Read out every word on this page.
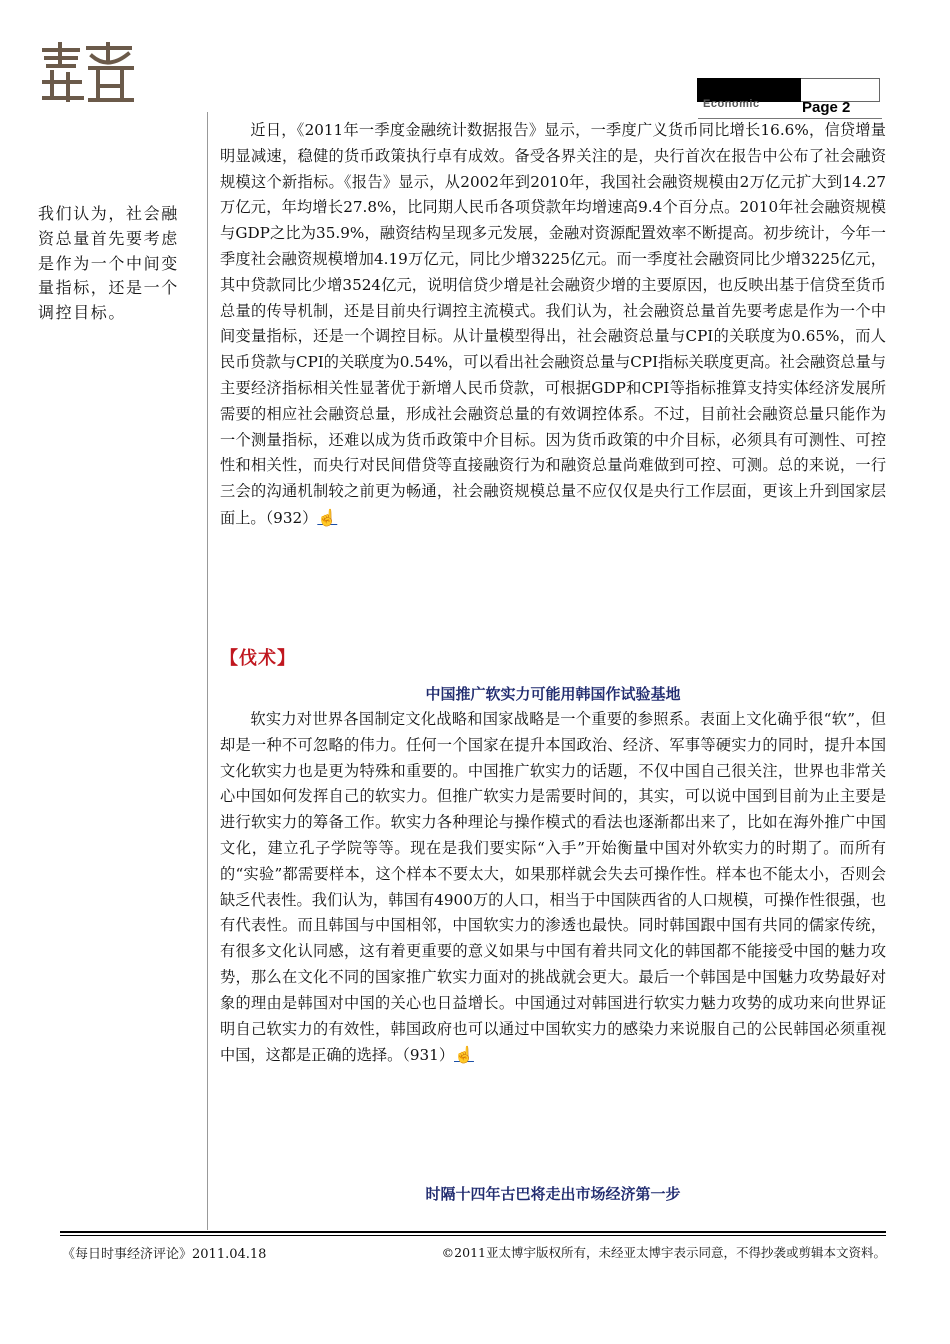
Economic	Page 2
我们认为，社会融资总量首先要考虑是作为一个中间变量指标，还是一个调控目标。

近日，《2011年一季度金融统计数据报告》显示，一季度广义货币同比增长16.6%，信贷增量明显减速，稳健的货币政策执行卓有成效。备受各界关注的是，央行首次在报告中公布了社会融资规模这个新指标。《报告》显示，从2002年到2010年，我国社会融资规模由2万亿元扩大到14.27万亿元，年均增长27.8%，比同期人民币各项贷款年均增速高9.4个百分点。2010年社会融资规模与GDP之比为35.9%，融资结构呈现多元发展，金融对资源配置效率不断提高。初步统计，今年一季度社会融资规模增加4.19万亿元，同比少增3225亿元。而一季度社会融资同比少增3225亿元，其中贷款同比少增3524亿元，说明信贷少增是社会融资少增的主要原因，也反映出基于信贷至货币总量的传导机制，还是目前央行调控主流模式。我们认为，社会融资总量首先要考虑是作为一个中间变量指标，还是一个调控目标。从计量模型得出，社会融资总量与CPI的关联度为0.65%，而人民币贷款与CPI的关联度为0.54%，可以看出社会融资总量与CPI指标关联度更高。社会融资总量与主要经济指标相关性显著优于新增人民币贷款，可根据GDP和CPI等指标推算支持实体经济发展所需要的相应社会融资总量，形成社会融资总量的有效调控体系。不过，目前社会融资总量只能作为一个测量指标，还难以成为货币政策中介目标。因为货币政策的中介目标，必须具有可测性、可控性和相关性，而央行对民间借贷等直接融资行为和融资总量尚难做到可控、可测。总的来说，一行三会的沟通机制较之前更为畅通，社会融资规模总量不应仅仅是央行工作层面，更该上升到国家层面上。（932）☝

【伐术】
中国推广软实力可能用韩国作试验基地

软实力对世界各国制定文化战略和国家战略是一个重要的参照系。表面上文化确乎很“软”，但却是一种不可忽略的伟力。任何一个国家在提升本国政治、经济、军事等硬实力的同时，提升本国文化软实力也是更为特殊和重要的。中国推广软实力的话题，不仅中国自己很关注，世界也非常关心中国如何发挥自己的软实力。但推广软实力是需要时间的，其实，可以说中国到目前为止主要是进行软实力的筹备工作。软实力各种理论与操作模式的看法也逐渐都出来了，比如在海外推广中国文化，建立孔子学院等等。现在是我们要实际“入手”开始衡量中国对外软实力的时期了。而所有的“实验”都需要样本，这个样本不要太大，如果那样就会失去可操作性。样本也不能太小，否则会缺乏代表性。我们认为，韩国有4900万的人口，相当于中国陕西省的人口规模，可操作性很强，也有代表性。而且韩国与中国相邻，中国软实力的渗透也最快。同时韩国跟中国有共同的儒家传统，有很多文化认同感，这有着更重要的意义如果与中国有着共同文化的韩国都不能接受中国的魅力攻势，那么在文化不同的国家推广软实力面对的挑战就会更大。最后一个韩国是中国魅力攻势最好对象的理由是韩国对中国的关心也日益增长。中国通过对韩国进行软实力魅力攻势的成功来向世界证明自己软实力的有效性，韩国政府也可以通过中国软实力的感染力来说服自己的公民韩国必须重视中国，这都是正确的选择。（931）☝

时隔十四年古巴将走出市场经济第一步
《每日时事经济评论》2011.04.18	©2011亚太博宇版权所有，未经亚太博宇表示同意，不得抄袭或剪辑本文资料。
